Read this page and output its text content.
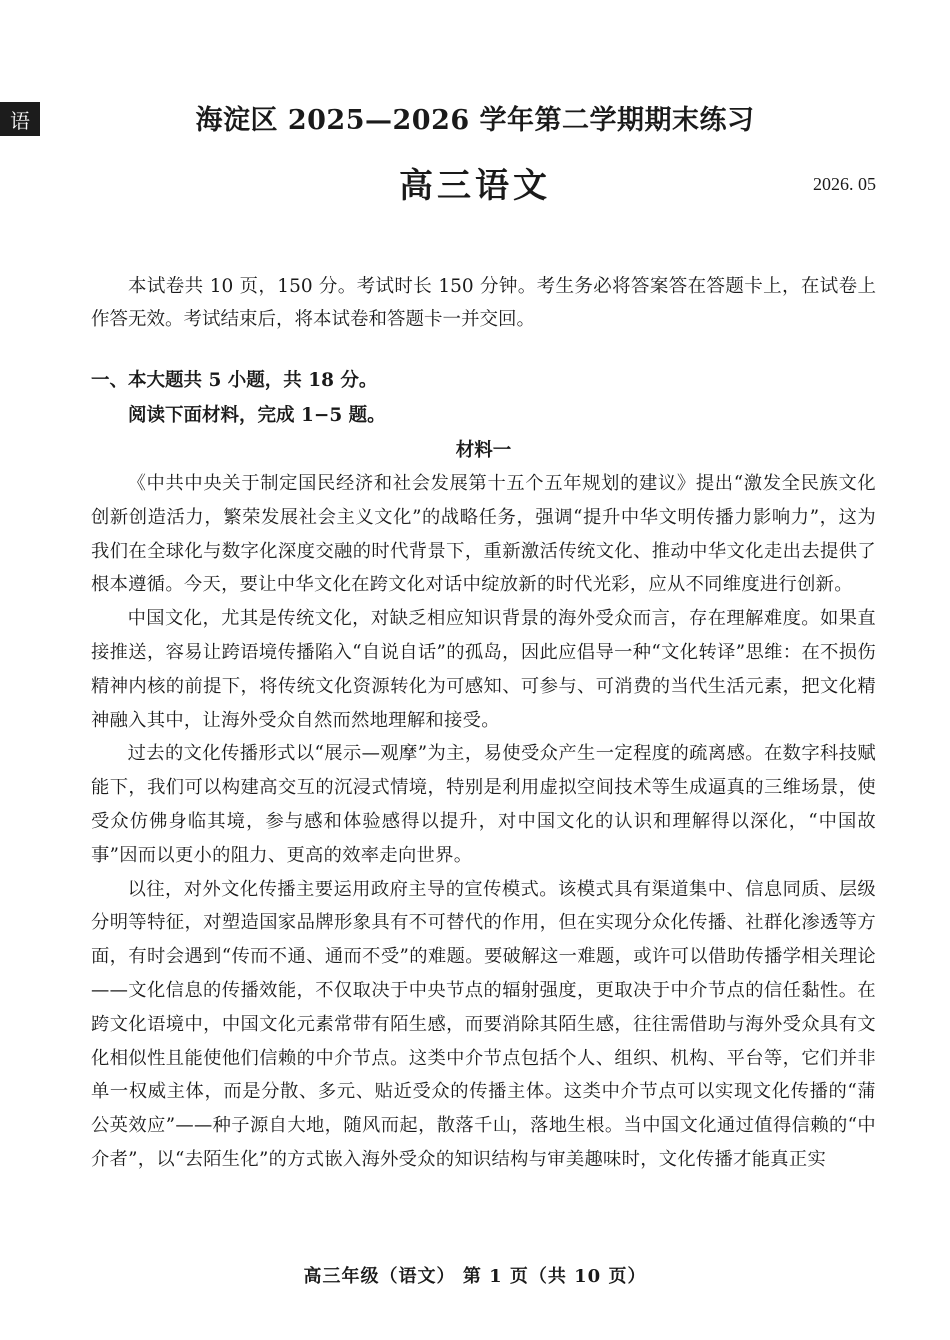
语	海淀区 2025—2026 学年第二学期期末练习
高三语文	2026. 05

本试卷共 10 页，150 分。考试时长 150 分钟。考生务必将答案答在答题卡上，在试卷上作答无效。考试结束后，将本试卷和答题卡一并交回。

一、本大题共 5 小题，共 18 分。

阅读下面材料，完成 1−5 题。

材料一

《中共中央关于制定国民经济和社会发展第十五个五年规划的建议》提出“激发全民族文化创新创造活力，繁荣发展社会主义文化”的战略任务，强调“提升中华文明传播力影响力”，这为我们在全球化与数字化深度交融的时代背景下，重新激活传统文化、推动中华文化走出去提供了根本遵循。今天，要让中华文化在跨文化对话中绽放新的时代光彩，应从不同维度进行创新。

中国文化，尤其是传统文化，对缺乏相应知识背景的海外受众而言，存在理解难度。如果直接推送，容易让跨语境传播陷入“自说自话”的孤岛，因此应倡导一种“文化转译”思维：在不损伤精神内核的前提下，将传统文化资源转化为可感知、可参与、可消费的当代生活元素，把文化精神融入其中，让海外受众自然而然地理解和接受。

过去的文化传播形式以“展示—观摩”为主，易使受众产生一定程度的疏离感。在数字科技赋能下，我们可以构建高交互的沉浸式情境，特别是利用虚拟空间技术等生成逼真的三维场景，使受众仿佛身临其境，参与感和体验感得以提升，对中国文化的认识和理解得以深化，“中国故事”因而以更小的阻力、更高的效率走向世界。

以往，对外文化传播主要运用政府主导的宣传模式。该模式具有渠道集中、信息同质、层级分明等特征，对塑造国家品牌形象具有不可替代的作用，但在实现分众化传播、社群化渗透等方面，有时会遇到“传而不通、通而不受”的难题。要破解这一难题，或许可以借助传播学相关理论——文化信息的传播效能，不仅取决于中央节点的辐射强度，更取决于中介节点的信任黏性。在跨文化语境中，中国文化元素常带有陌生感，而要消除其陌生感，往往需借助与海外受众具有文化相似性且能使他们信赖的中介节点。这类中介节点包括个人、组织、机构、平台等，它们并非单一权威主体，而是分散、多元、贴近受众的传播主体。这类中介节点可以实现文化传播的“蒲公英效应”——种子源自大地，随风而起，散落千山，落地生根。当中国文化通过值得信赖的“中介者”，以“去陌生化”的方式嵌入海外受众的知识结构与审美趣味时，文化传播才能真正实

高三年级（语文） 第 1 页（共 10 页）
